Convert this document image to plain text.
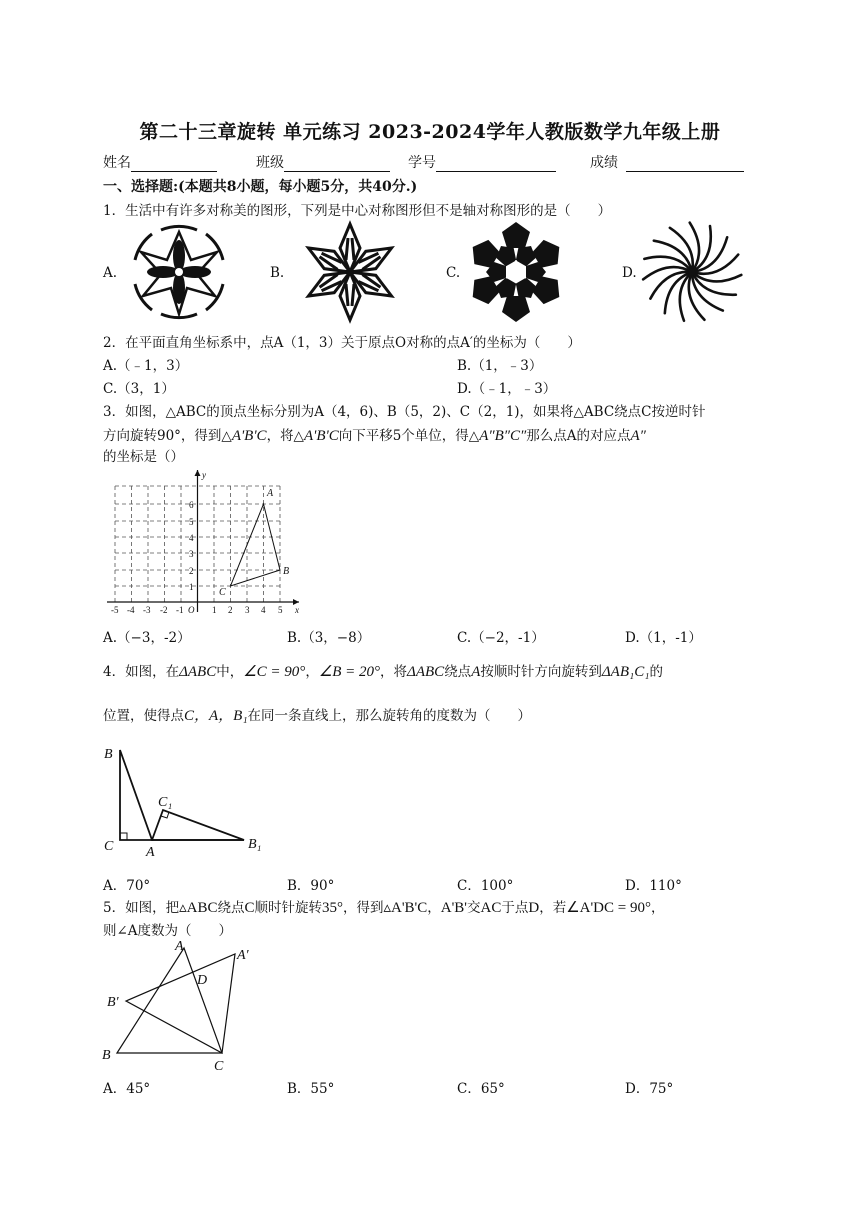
第二十三章旋转 单元练习 2023-2024学年人教版数学九年级上册
姓名	班级	学号	成绩
一、选择题:(本题共8小题，每小题5分，共40分.)
1．生活中有许多对称美的图形，下列是中心对称图形但不是轴对称图形的是（　　）
A.	B.	C.	D.
2．在平面直角坐标系中，点A（1，3）关于原点O对称的点A′的坐标为（　　）
A.（﹣1，3）	B.（1，﹣3）
C.（3，1）	D.（﹣1，﹣3）
3．如图，△ABC的顶点坐标分别为A（4，6)、B（5，2)、C（2，1)，如果将△ABC绕点C按逆时针
方向旋转90°，得到△A'B'C，将△A'B'C向下平移5个单位，得△A″B″C″那么点A的对应点A″
的坐标是（）
-5 -4 -3 -2 -1 O 1 2 3 4 5 x
1
2
3
4
5
6
y
A
B
C
A.（−3，-2）	B.（3，−8）	C.（−2，-1）	D.（1，-1）
4．如图，在ΔABC中，∠C = 90°，∠B = 20°，将ΔABC绕点A按顺时针方向旋转到ΔAB₁C₁的
位置，使得点C，A，B₁在同一条直线上，那么旋转角的度数为（　　）
B
C A
C₁
B₁
A．70°	B．90°	C．100°	D．110°
5．如图，把▵ABC绕点C顺时针旋转35°，得到▵A'B'C，A'B'交AC于点D，若∠A'DC = 90°，
则∠A度数为（　　）
A
A′
D
B′
B
C
A．45°	B．55°	C．65°	D．75°
